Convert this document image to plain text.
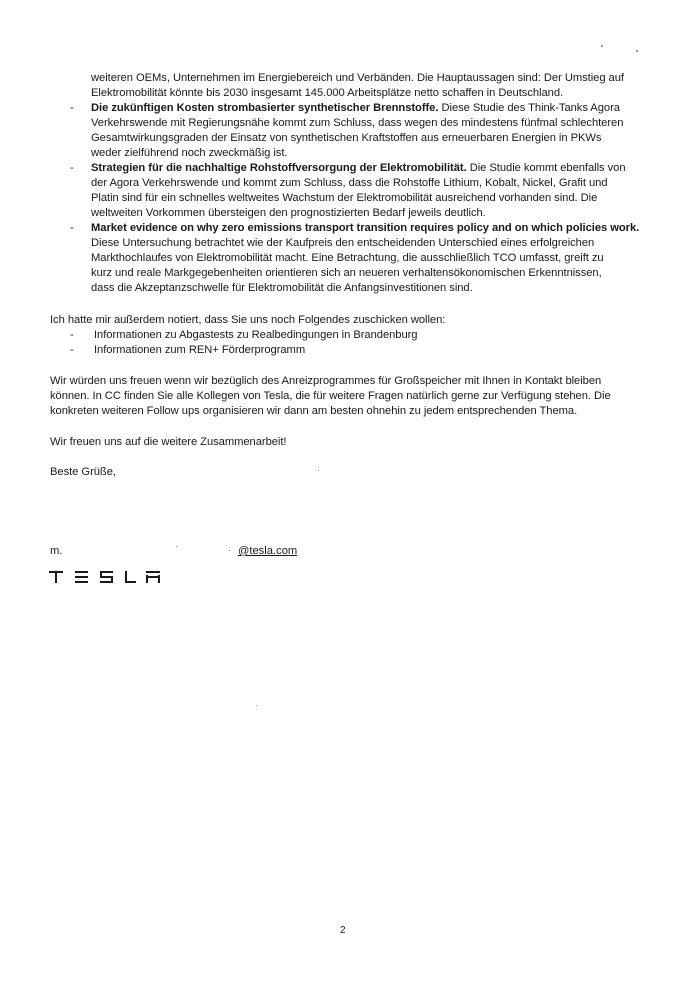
weiteren OEMs, Unternehmen im Energiebereich und Verbänden. Die Hauptaussagen sind: Der Umstieg auf
Elektromobilität könnte bis 2030 insgesamt 145.000 Arbeitsplätze netto schaffen in Deutschland.
- Die zukünftigen Kosten strombasierter synthetischer Brennstoffe. Diese Studie des Think-Tanks Agora
Verkehrswende mit Regierungsnähe kommt zum Schluss, dass wegen des mindestens fünfmal schlechteren
Gesamtwirkungsgraden der Einsatz von synthetischen Kraftstoffen aus erneuerbaren Energien in PKWs
weder zielführend noch zweckmäßig ist.
- Strategien für die nachhaltige Rohstoffversorgung der Elektromobilität. Die Studie kommt ebenfalls von
der Agora Verkehrswende und kommt zum Schluss, dass die Rohstoffe Lithium, Kobalt, Nickel, Grafit und
Platin sind für ein schnelles weltweites Wachstum der Elektromobilität ausreichend vorhanden sind. Die
weltweiten Vorkommen übersteigen den prognostizierten Bedarf jeweils deutlich.
- Market evidence on why zero emissions transport transition requires policy and on which policies work.
Diese Untersuchung betrachtet wie der Kaufpreis den entscheidenden Unterschied eines erfolgreichen
Markthochlaufes von Elektromobilität macht. Eine Betrachtung, die ausschließlich TCO umfasst, greift zu
kurz und reale Markgegebenheiten orientieren sich an neueren verhaltensökonomischen Erkenntnissen,
dass die Akzeptanzschwelle für Elektromobilität die Anfangsinvestitionen sind.
Ich hatte mir außerdem notiert, dass Sie uns noch Folgendes zuschicken wollen:
- Informationen zu Abgastests zu Realbedingungen in Brandenburg
- Informationen zum REN+ Förderprogramm
Wir würden uns freuen wenn wir bezüglich des Anreizprogrammes für Großspeicher mit Ihnen in Kontakt bleiben
können. In CC finden Sie alle Kollegen von Tesla, die für weitere Fragen natürlich gerne zur Verfügung stehen. Die
konkreten weiteren Follow ups organisieren wir dann am besten ohnehin zu jedem entsprechenden Thema.
Wir freuen uns auf die weitere Zusammenarbeit!
Beste Grüße,
m.	@tesla.com
2
